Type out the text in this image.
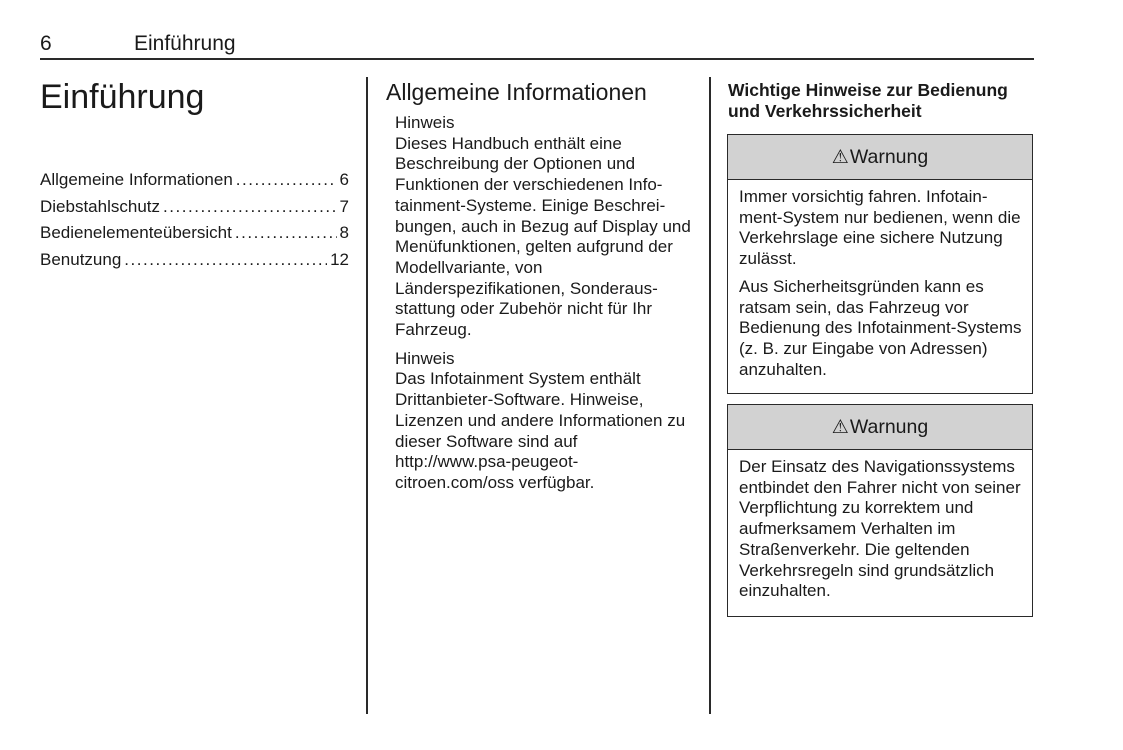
6	Einführung
Einführung
Allgemeine Informationen . . .	6
Diebstahlschutz . . .	7
Bedienelementeübersicht . . .	8
Benutzung . . .	12
Allgemeine Informationen
Hinweis

Dieses Handbuch enthält eine Beschreibung der Optionen und Funktionen der verschiedenen Infotainment-Systeme. Einige Beschreibungen, auch in Bezug auf Display und Menüfunktionen, gelten aufgrund der Modellvariante, von Länderspezifikationen, Sonderausstattung oder Zubehör nicht für Ihr Fahrzeug.

Hinweis

Das Infotainment System enthält Drittanbieter-Software. Hinweise, Lizenzen und andere Informationen zu dieser Software sind auf http://www.psa-peugeot-citroen.com/oss verfügbar.

Wichtige Hinweise zur Bedienung und Verkehrssicherheit
⚠ Warnung

Immer vorsichtig fahren. Infotainment-System nur bedienen, wenn die Verkehrslage eine sichere Nutzung zulässt.

Aus Sicherheitsgründen kann es ratsam sein, das Fahrzeug vor Bedienung des Infotainment-Systems (z. B. zur Eingabe von Adressen) anzuhalten.

⚠ Warnung

Der Einsatz des Navigationssystems entbindet den Fahrer nicht von seiner Verpflichtung zu korrektem und aufmerksamem Verhalten im Straßenverkehr. Die geltenden Verkehrsregeln sind grundsätzlich einzuhalten.
